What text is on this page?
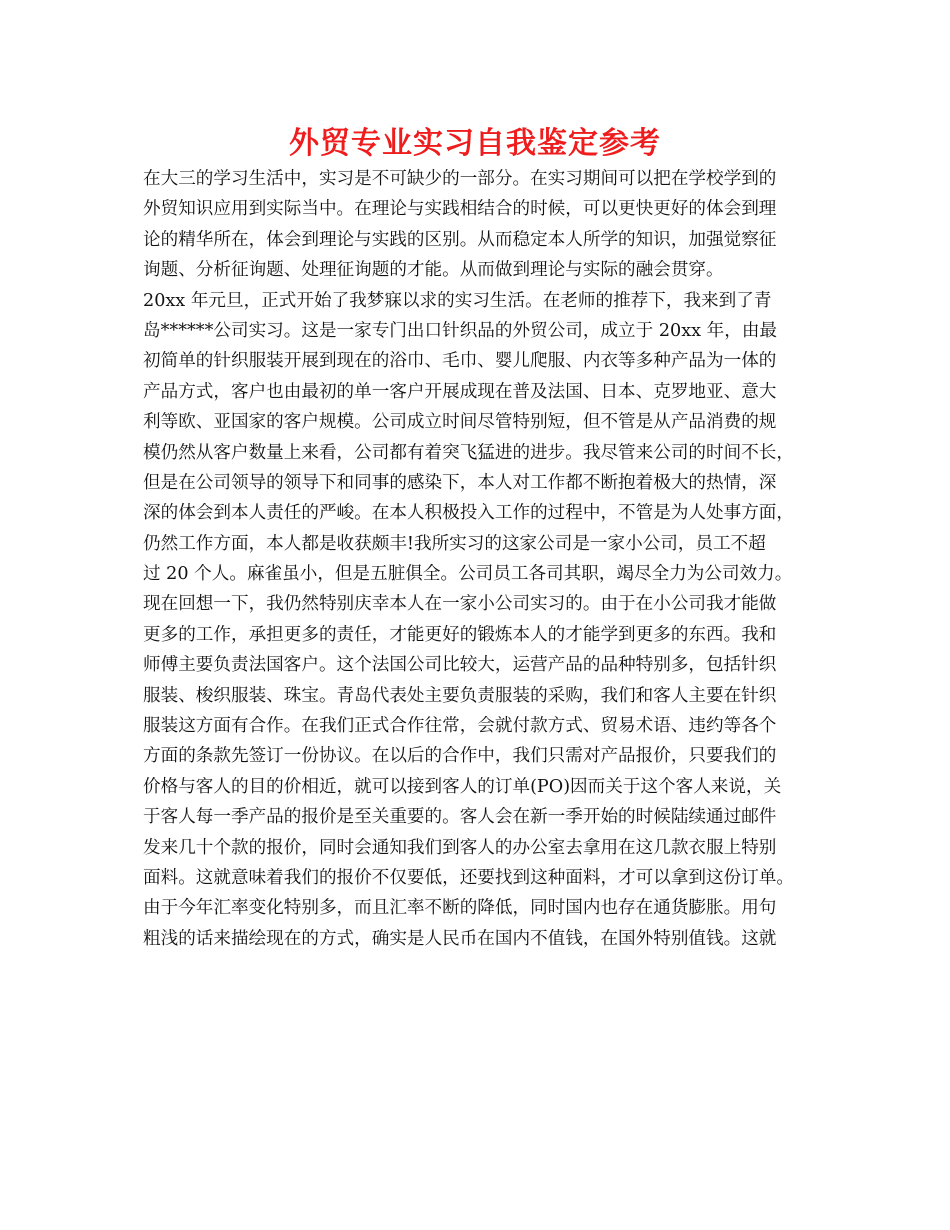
外贸专业实习自我鉴定参考
在大三的学习生活中，实习是不可缺少的一部分。在实习期间可以把在学校学到的
外贸知识应用到实际当中。在理论与实践相结合的时候，可以更快更好的体会到理
论的精华所在，体会到理论与实践的区别。从而稳定本人所学的知识，加强觉察征
询题、分析征询题、处理征询题的才能。从而做到理论与实际的融会贯穿。
20xx 年元旦，正式开始了我梦寐以求的实习生活。在老师的推荐下，我来到了青
岛******公司实习。这是一家专门出口针织品的外贸公司，成立于 20xx 年，由最
初简单的针织服装开展到现在的浴巾、毛巾、婴儿爬服、内衣等多种产品为一体的
产品方式，客户也由最初的单一客户开展成现在普及法国、日本、克罗地亚、意大
利等欧、亚国家的客户规模。公司成立时间尽管特别短，但不管是从产品消费的规
模仍然从客户数量上来看，公司都有着突飞猛进的进步。我尽管来公司的时间不长，
但是在公司领导的领导下和同事的感染下，本人对工作都不断抱着极大的热情，深
深的体会到本人责任的严峻。在本人积极投入工作的过程中，不管是为人处事方面，
仍然工作方面，本人都是收获颇丰!我所实习的这家公司是一家小公司，员工不超
过 20 个人。麻雀虽小，但是五脏俱全。公司员工各司其职，竭尽全力为公司效力。
现在回想一下，我仍然特别庆幸本人在一家小公司实习的。由于在小公司我才能做
更多的工作，承担更多的责任，才能更好的锻炼本人的才能学到更多的东西。我和
师傅主要负责法国客户。这个法国公司比较大，运营产品的品种特别多，包括针织
服装、梭织服装、珠宝。青岛代表处主要负责服装的采购，我们和客人主要在针织
服装这方面有合作。在我们正式合作往常，会就付款方式、贸易术语、违约等各个
方面的条款先签订一份协议。在以后的合作中，我们只需对产品报价，只要我们的
价格与客人的目的价相近，就可以接到客人的订单(PO)因而关于这个客人来说，关
于客人每一季产品的报价是至关重要的。客人会在新一季开始的时候陆续通过邮件
发来几十个款的报价，同时会通知我们到客人的办公室去拿用在这几款衣服上特别
面料。这就意味着我们的报价不仅要低，还要找到这种面料，才可以拿到这份订单。
由于今年汇率变化特别多，而且汇率不断的降低，同时国内也存在通货膨胀。用句
粗浅的话来描绘现在的方式，确实是人民币在国内不值钱，在国外特别值钱。这就
